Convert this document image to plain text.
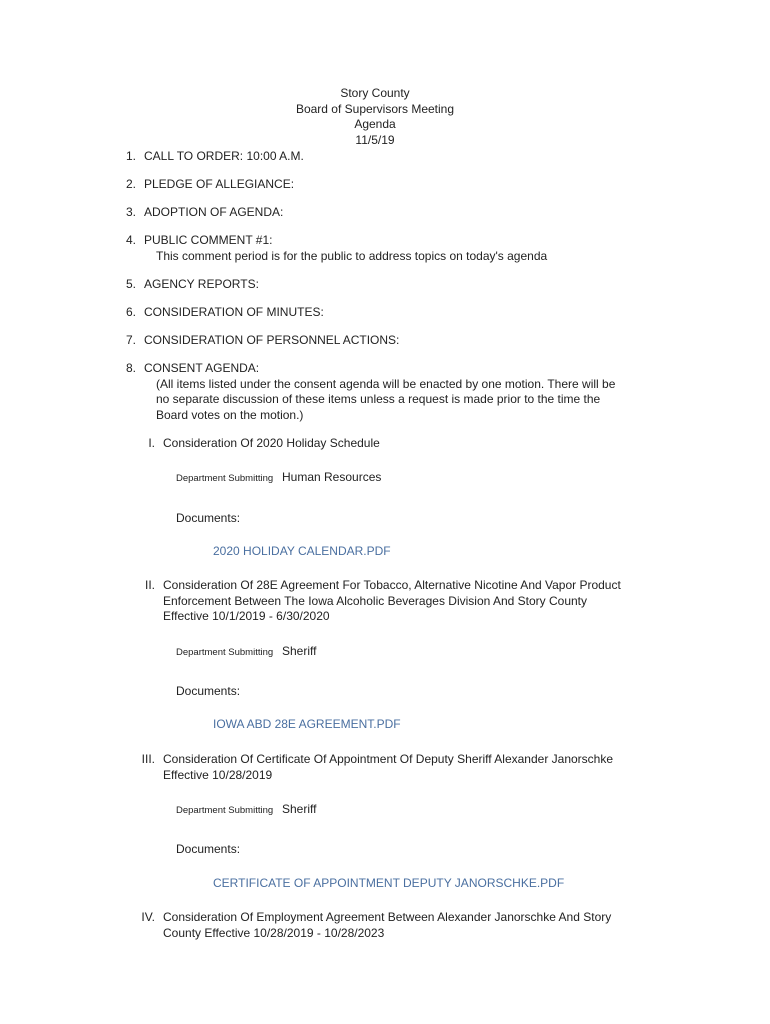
Story County
Board of Supervisors Meeting
Agenda
11/5/19
1. CALL TO ORDER: 10:00 A.M.
2. PLEDGE OF ALLEGIANCE:
3. ADOPTION OF AGENDA:
4. PUBLIC COMMENT #1:
This comment period is for the public to address topics on today's agenda
5. AGENCY REPORTS:
6. CONSIDERATION OF MINUTES:
7. CONSIDERATION OF PERSONNEL ACTIONS:
8. CONSENT AGENDA:
(All items listed under the consent agenda will be enacted by one motion. There will be
no separate discussion of these items unless a request is made prior to the time the
Board votes on the motion.)
I. Consideration Of 2020 Holiday Schedule
Department Submitting Human Resources
Documents:
2020 HOLIDAY CALENDAR.PDF
II. Consideration Of 28E Agreement For Tobacco, Alternative Nicotine And Vapor Product
Enforcement Between The Iowa Alcoholic Beverages Division And Story County
Effective 10/1/2019 - 6/30/2020
Department Submitting Sheriff
Documents:
IOWA ABD 28E AGREEMENT.PDF
III. Consideration Of Certificate Of Appointment Of Deputy Sheriff Alexander Janorschke
Effective 10/28/2019
Department Submitting Sheriff
Documents:
CERTIFICATE OF APPOINTMENT DEPUTY JANORSCHKE.PDF
IV. Consideration Of Employment Agreement Between Alexander Janorschke And Story
County Effective 10/28/2019 - 10/28/2023
